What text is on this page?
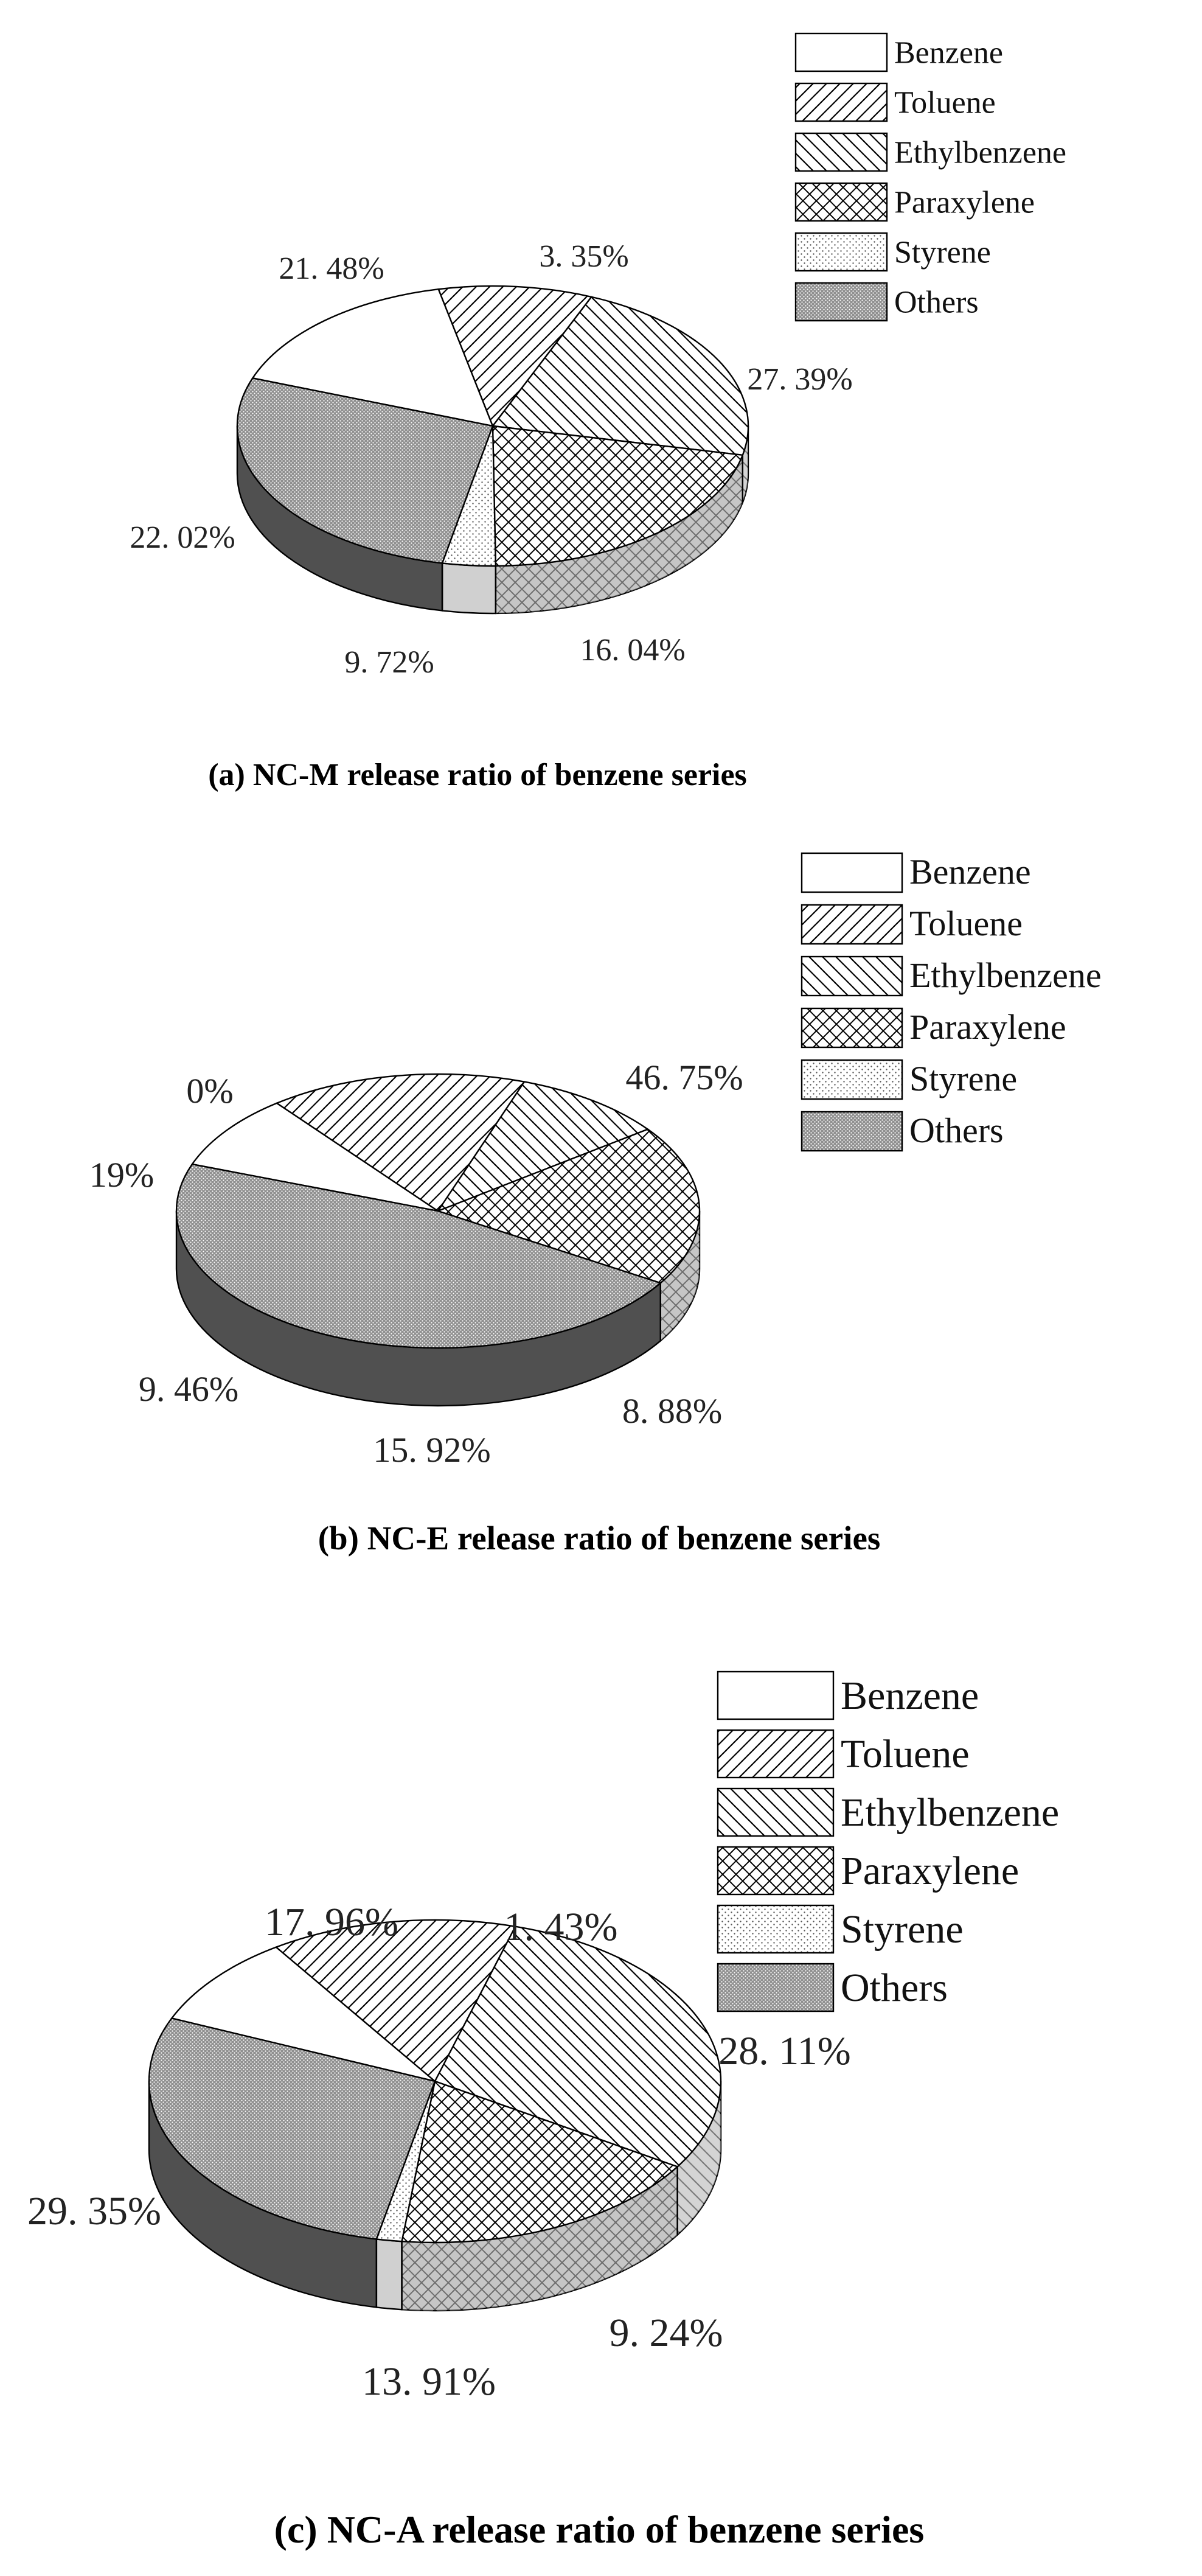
16. 04%
9. 72%
22. 02%
21. 48%	3. 35%
27. 39%
Benzene
Toluene
Ethylbenzene
Paraxylene
Styrene
Others
(a) NC-M release ratio of benzene series
8. 88%
15. 92%
9. 46%
19%
0%	46. 75%
Benzene
Toluene
Ethylbenzene
Paraxylene
Styrene
Others
(b) NC-E release ratio of benzene series
9. 24%
13. 91%
29. 35%
17. 96%	1. 43%
28. 11%
Benzene
Toluene
Ethylbenzene
Paraxylene
Styrene
Others
(c) NC-A release ratio of benzene series
